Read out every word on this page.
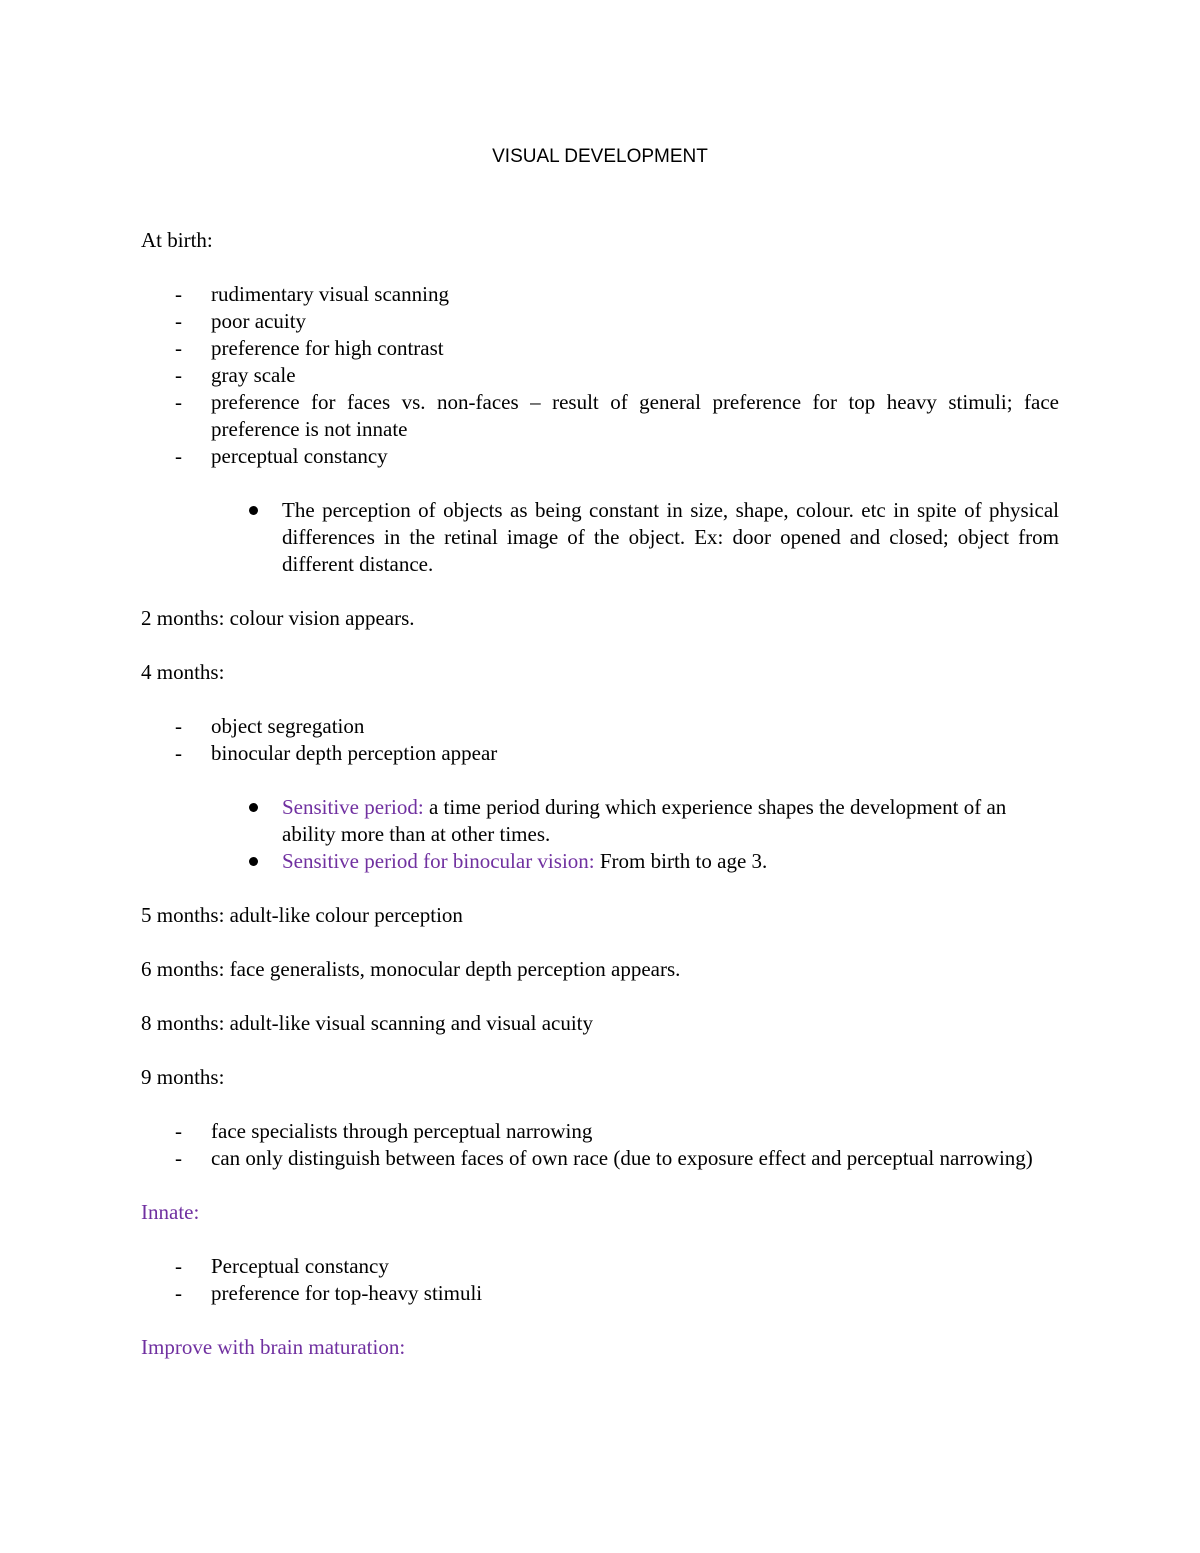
VISUAL DEVELOPMENT

At birth:

- rudimentary visual scanning
- poor acuity
- preference for high contrast
- gray scale
- preference for faces vs. non-faces – result of general preference for top heavy stimuli; face preference is not innate
- perceptual constancy
The perception of objects as being constant in size, shape, colour. etc in spite of physical differences in the retinal image of the object. Ex: door opened and closed; object from different distance.

2 months: colour vision appears.

4 months:

- object segregation
- binocular depth perception appear
Sensitive period: a time period during which experience shapes the development of an ability more than at other times.
Sensitive period for binocular vision: From birth to age 3.

5 months: adult-like colour perception

6 months: face generalists, monocular depth perception appears.

8 months: adult-like visual scanning and visual acuity

9 months:

- face specialists through perceptual narrowing
- can only distinguish between faces of own race (due to exposure effect and perceptual narrowing)

Innate:

- Perceptual constancy
- preference for top-heavy stimuli

Improve with brain maturation:
